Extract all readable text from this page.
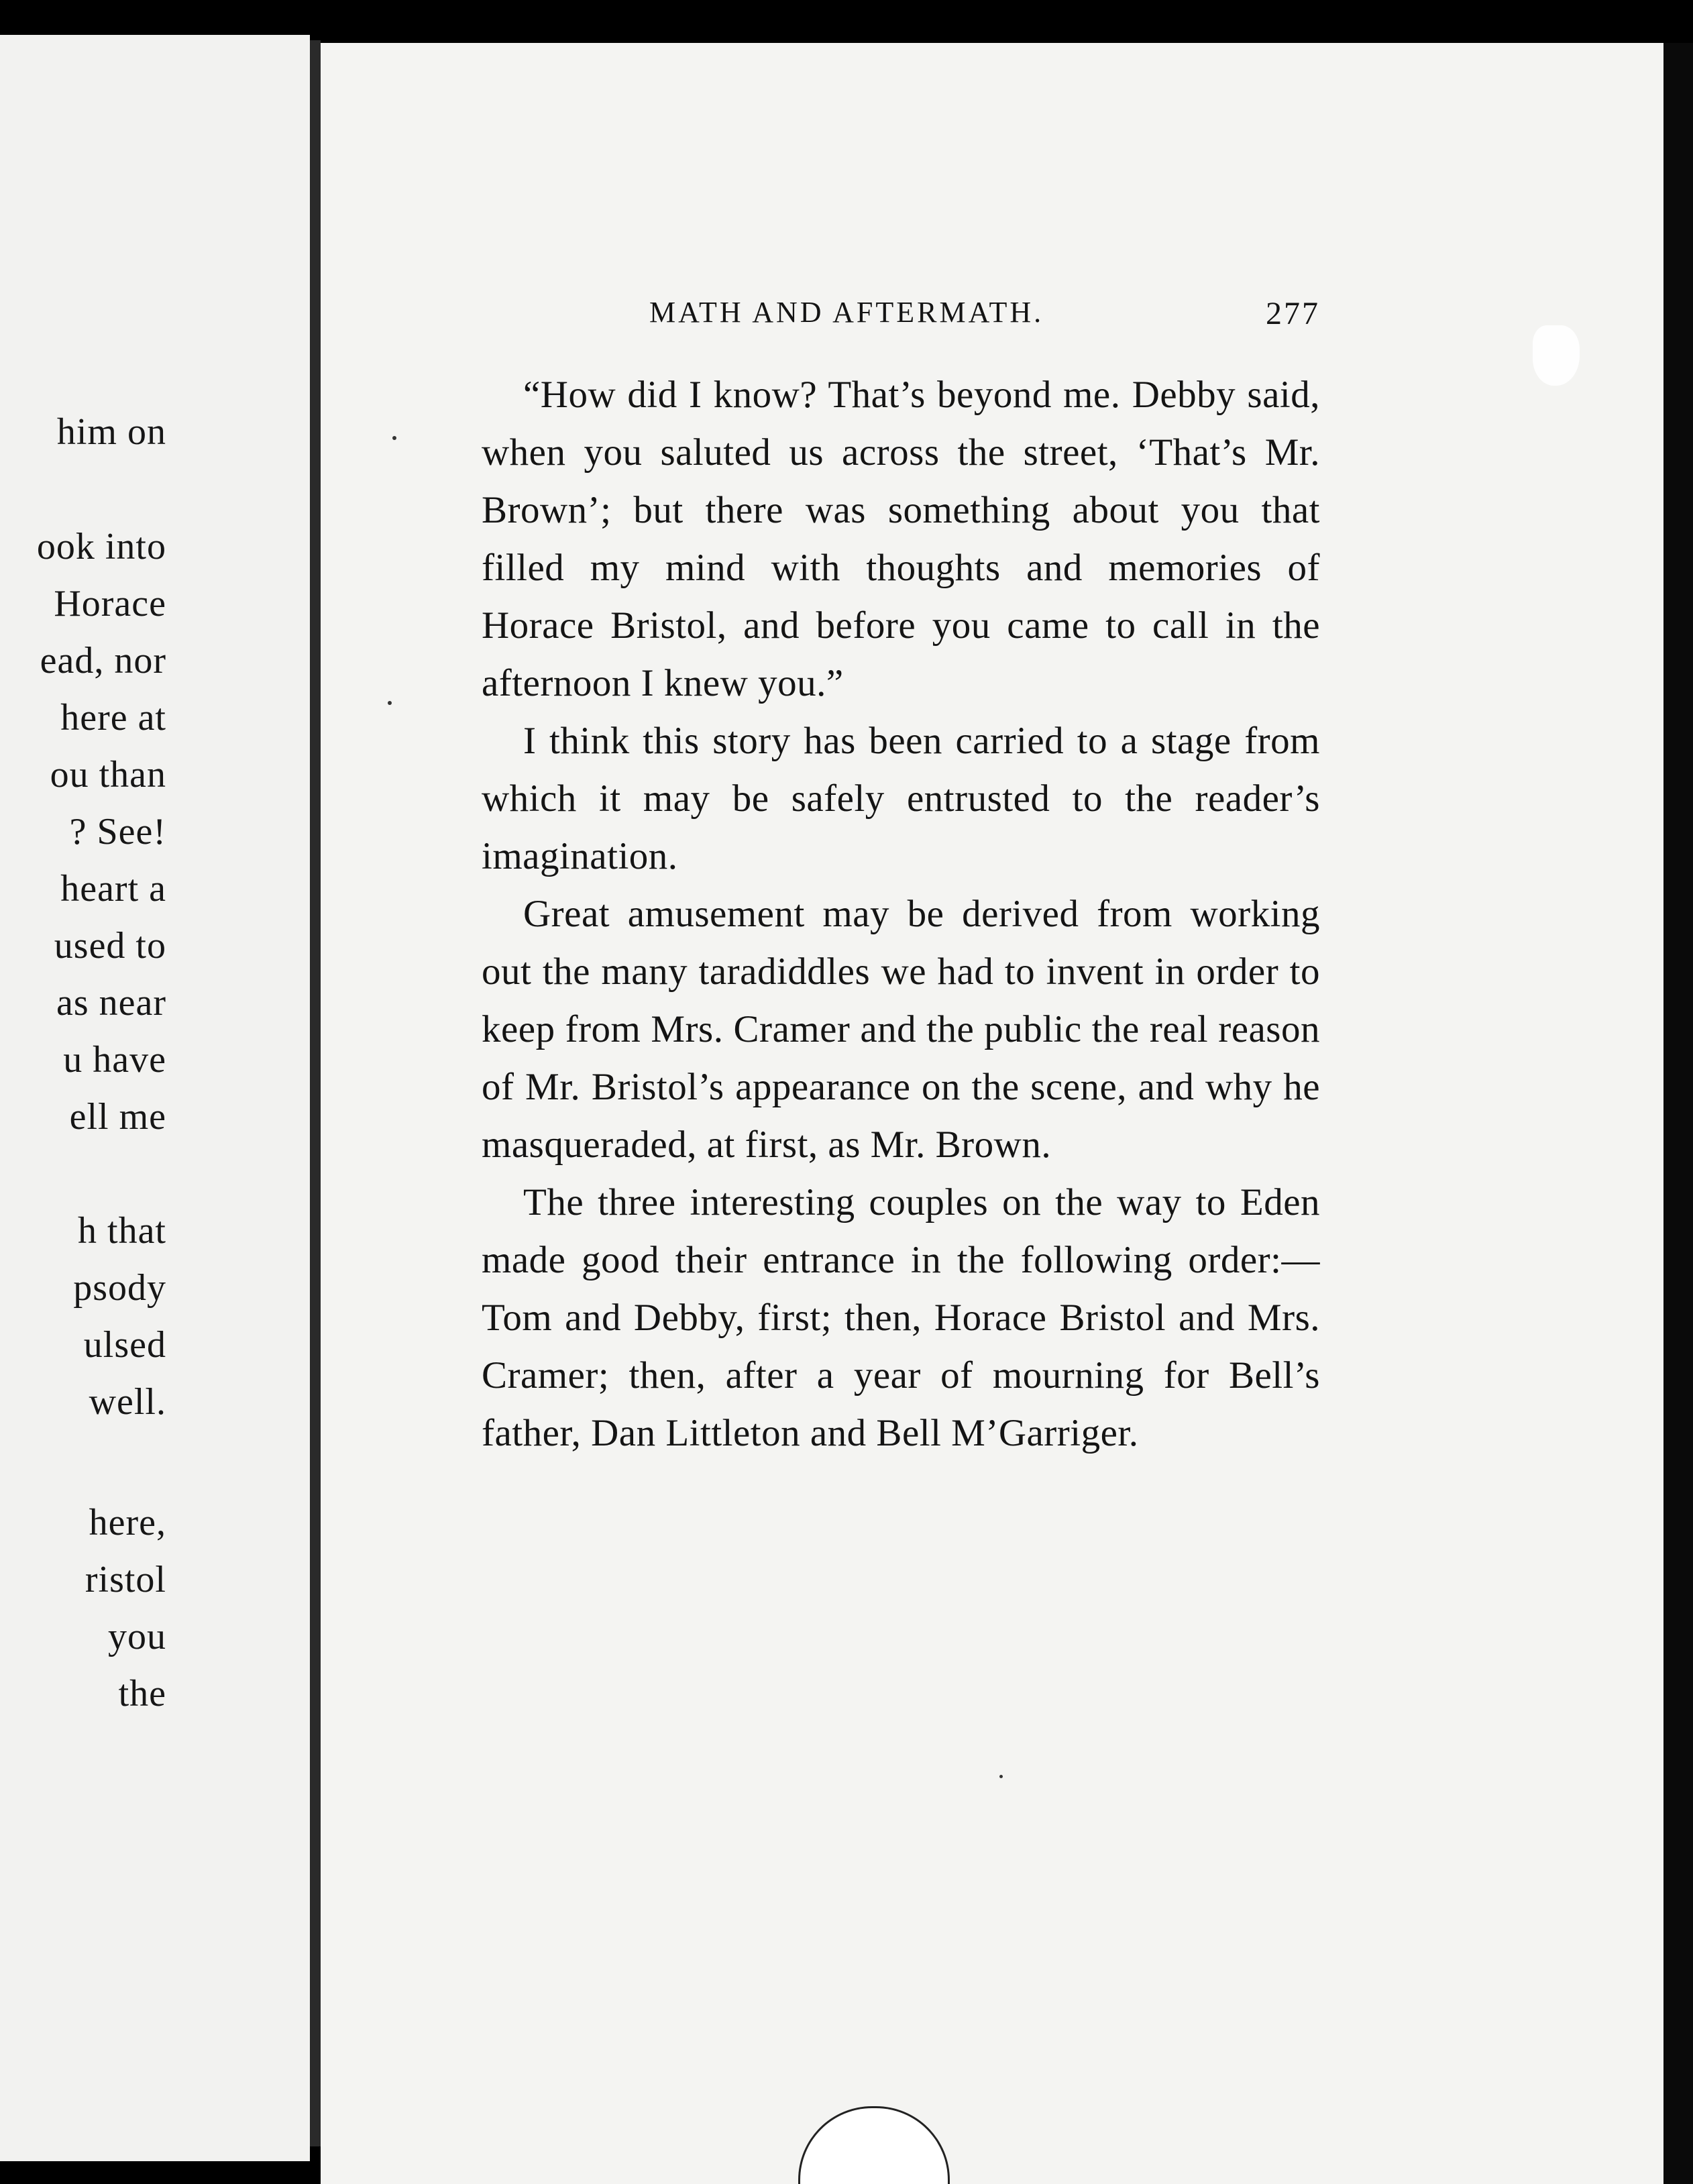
him on
ook into
Horace
ead, nor
here at
ou than
? See!
heart a
used to
as near
u have
ell me
h that
psody
ulsed
well.
here,
ristol
you
the
MATH AND AFTERMATH.	277

“How did I know? That’s beyond me. Debby said, when you saluted us across the street, ‘That’s Mr. Brown’; but there was something about you that filled my mind with thoughts and memories of Horace Bristol, and before you came to call in the afternoon I knew you.”

I think this story has been carried to a stage from which it may be safely entrusted to the reader’s imagination.

Great amusement may be derived from working out the many taradiddles we had to invent in order to keep from Mrs. Cramer and the public the real reason of Mr. Bristol’s appearance on the scene, and why he masqueraded, at first, as Mr. Brown.

The three interesting couples on the way to Eden made good their entrance in the following order:—Tom and Debby, first; then, Horace Bristol and Mrs. Cramer; then, after a year of mourning for Bell’s father, Dan Littleton and Bell M’Garriger.
